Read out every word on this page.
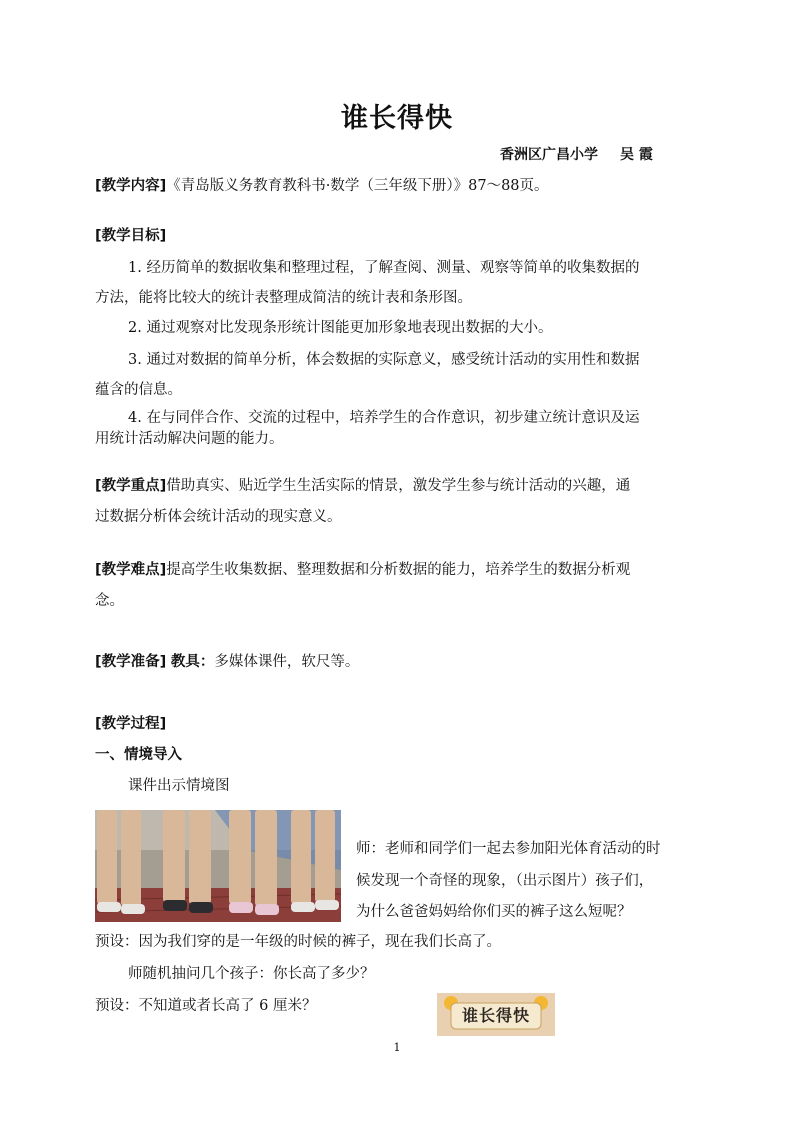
谁长得快
香洲区广昌小学 吴 霞
[教学内容]《青岛版义务教育教科书·数学（三年级下册）》87～88页。
[教学目标]
1. 经历简单的数据收集和整理过程，了解查阅、测量、观察等简单的收集数据的
方法，能将比较大的统计表整理成简洁的统计表和条形图。
2. 通过观察对比发现条形统计图能更加形象地表现出数据的大小。
3. 通过对数据的简单分析，体会数据的实际意义，感受统计活动的实用性和数据
蕴含的信息。
4. 在与同伴合作、交流的过程中，培养学生的合作意识，初步建立统计意识及运
用统计活动解决问题的能力。
[教学重点]借助真实、贴近学生生活实际的情景，激发学生参与统计活动的兴趣，通
过数据分析体会统计活动的现实意义。
[教学难点]提高学生收集数据、整理数据和分析数据的能力，培养学生的数据分析观
念。
[教学准备] 教具：多媒体课件，软尺等。
[教学过程]
一、情境导入
课件出示情境图
师：老师和同学们一起去参加阳光体育活动的时
候发现一个奇怪的现象，（出示图片）孩子们，
为什么爸爸妈妈给你们买的裤子这么短呢？
预设：因为我们穿的是一年级的时候的裤子，现在我们长高了。
师随机抽问几个孩子：你长高了多少？
预设：不知道或者长高了 6 厘米？	谁长得快
1
